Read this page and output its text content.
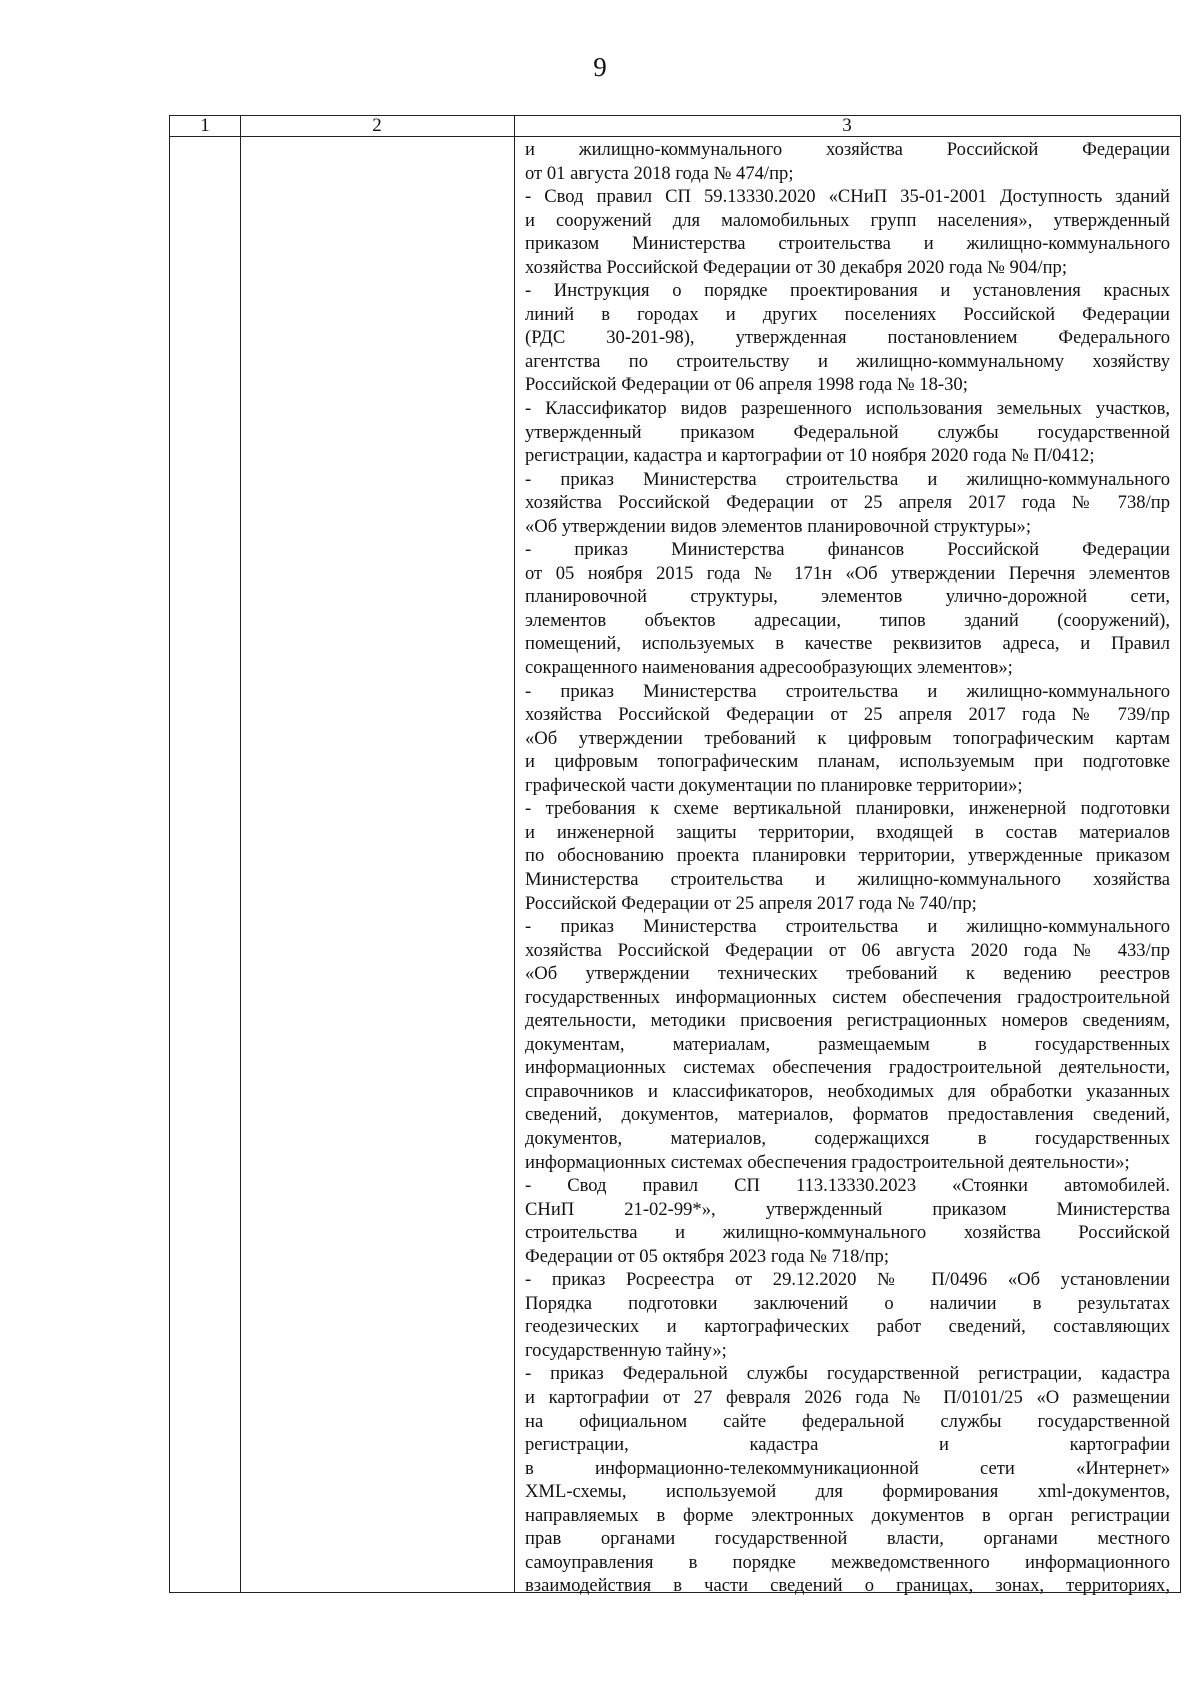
9
1	2	3
и жилищно-коммунального хозяйства Российской Федерации
от 01 августа 2018 года № 474/пр;
- Свод правил СП 59.13330.2020 «СНиП 35-01-2001 Доступность зданий
и сооружений для маломобильных групп населения», утвержденный
приказом Министерства строительства и жилищно-коммунального
хозяйства Российской Федерации от 30 декабря 2020 года № 904/пр;
- Инструкция о порядке проектирования и установления красных
линий в городах и других поселениях Российской Федерации
(РДС 30-201-98), утвержденная постановлением Федерального
агентства по строительству и жилищно-коммунальному хозяйству
Российской Федерации от 06 апреля 1998 года № 18-30;
- Классификатор видов разрешенного использования земельных участков,
утвержденный приказом Федеральной службы государственной
регистрации, кадастра и картографии от 10 ноября 2020 года № П/0412;
- приказ Министерства строительства и жилищно-коммунального
хозяйства Российской Федерации от 25 апреля 2017 года № 738/пр
«Об утверждении видов элементов планировочной структуры»;
- приказ Министерства финансов Российской Федерации
от 05 ноября 2015 года № 171н «Об утверждении Перечня элементов
планировочной структуры, элементов улично-дорожной сети,
элементов объектов адресации, типов зданий (сооружений),
помещений, используемых в качестве реквизитов адреса, и Правил
сокращенного наименования адресообразующих элементов»;
- приказ Министерства строительства и жилищно-коммунального
хозяйства Российской Федерации от 25 апреля 2017 года № 739/пр
«Об утверждении требований к цифровым топографическим картам
и цифровым топографическим планам, используемым при подготовке
графической части документации по планировке территории»;
- требования к схеме вертикальной планировки, инженерной подготовки
и инженерной защиты территории, входящей в состав материалов
по обоснованию проекта планировки территории, утвержденные приказом
Министерства строительства и жилищно-коммунального хозяйства
Российской Федерации от 25 апреля 2017 года № 740/пр;
- приказ Министерства строительства и жилищно-коммунального
хозяйства Российской Федерации от 06 августа 2020 года № 433/пр
«Об утверждении технических требований к ведению реестров
государственных информационных систем обеспечения градостроительной
деятельности, методики присвоения регистрационных номеров сведениям,
документам, материалам, размещаемым в государственных
информационных системах обеспечения градостроительной деятельности,
справочников и классификаторов, необходимых для обработки указанных
сведений, документов, материалов, форматов предоставления сведений,
документов, материалов, содержащихся в государственных
информационных системах обеспечения градостроительной деятельности»;
- Свод правил СП 113.13330.2023 «Стоянки автомобилей.
СНиП 21-02-99*», утвержденный приказом Министерства
строительства и жилищно-коммунального хозяйства Российской
Федерации от 05 октября 2023 года № 718/пр;
- приказ Росреестра от 29.12.2020 № П/0496 «Об установлении
Порядка подготовки заключений о наличии в результатах
геодезических и картографических работ сведений, составляющих
государственную тайну»;
- приказ Федеральной службы государственной регистрации, кадастра
и картографии от 27 февраля 2026 года № П/0101/25 «О размещении
на официальном сайте федеральной службы государственной
регистрации, кадастра и картографии
в информационно-телекоммуникационной сети «Интернет»
XML-схемы, используемой для формирования xml-документов,
направляемых в форме электронных документов в орган регистрации
прав органами государственной власти, органами местного
самоуправления в порядке межведомственного информационного
взаимодействия в части сведений о границах, зонах, территориях,
